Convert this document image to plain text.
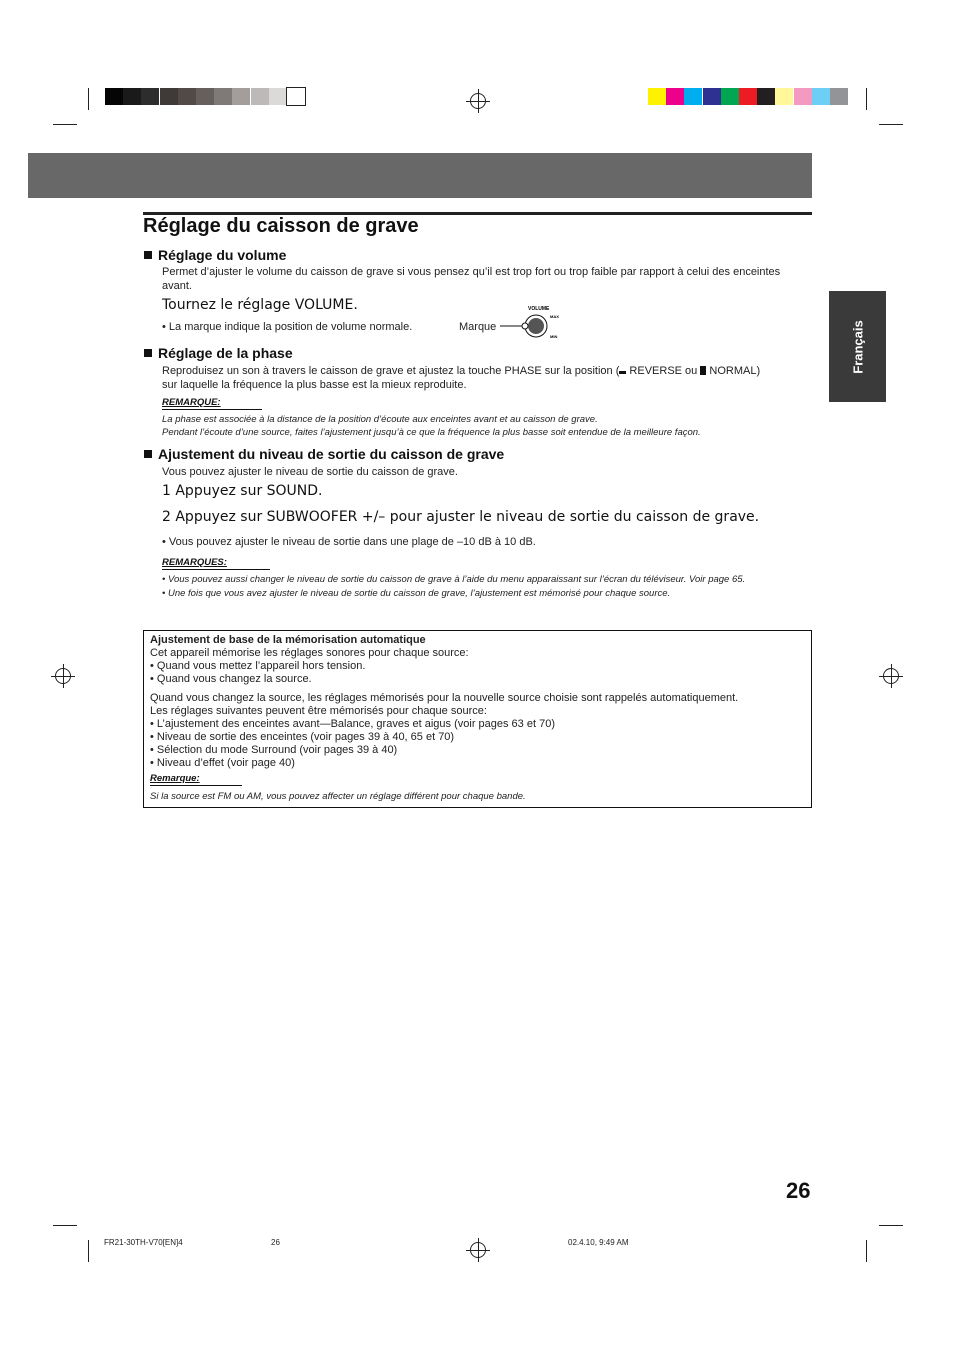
Réglage du caisson de grave
Français
Réglage du volume
Permet d’ajuster le volume du caisson de grave si vous pensez qu’il est trop fort ou trop faible par rapport à celui des enceintes avant.
Tournez le réglage VOLUME.
• La marque indique la position de volume normale.	Marque
VOLUME
MAX
MIN
Réglage de la phase
Reproduisez un son à travers le caisson de grave et ajustez la touche PHASE sur la position ( REVERSE ou  NORMAL)
sur laquelle la fréquence la plus basse est la mieux reproduite.
REMARQUE:
La phase est associée à la distance de la position d’écoute aux enceintes avant et au caisson de grave.
Pendant l’écoute d’une source, faites l’ajustement jusqu’à ce que la fréquence la plus basse soit entendue de la meilleure façon.
Ajustement du niveau de sortie du caisson de grave
Vous pouvez ajuster le niveau de sortie du caisson de grave.
1 Appuyez sur SOUND.
2 Appuyez sur SUBWOOFER +/– pour ajuster le niveau de sortie du caisson de grave.
• Vous pouvez ajuster le niveau de sortie dans une plage de –10 dB à 10 dB.
REMARQUES:
• Vous pouvez aussi changer le niveau de sortie du caisson de grave à l’aide du menu apparaissant sur l’écran du téléviseur. Voir page 65.
• Une fois que vous avez ajuster le niveau de sortie du caisson de grave, l’ajustement est mémorisé pour chaque source.
Ajustement de base de la mémorisation automatique
Cet appareil mémorise les réglages sonores pour chaque source:
• Quand vous mettez l’appareil hors tension.
• Quand vous changez la source.
Quand vous changez la source, les réglages mémorisés pour la nouvelle source choisie sont rappelés automatiquement.
Les réglages suivantes peuvent être mémorisés pour chaque source:
• L’ajustement des enceintes avant—Balance, graves et aigus (voir pages 63 et 70)
• Niveau de sortie des enceintes (voir pages 39 à 40, 65 et 70)
• Sélection du mode Surround (voir pages 39 à 40)
• Niveau d’effet (voir page 40)
Remarque:
Si la source est FM ou AM, vous pouvez affecter un réglage différent pour chaque bande.
26
FR21-30TH-V70[EN]4	26	02.4.10, 9:49 AM
